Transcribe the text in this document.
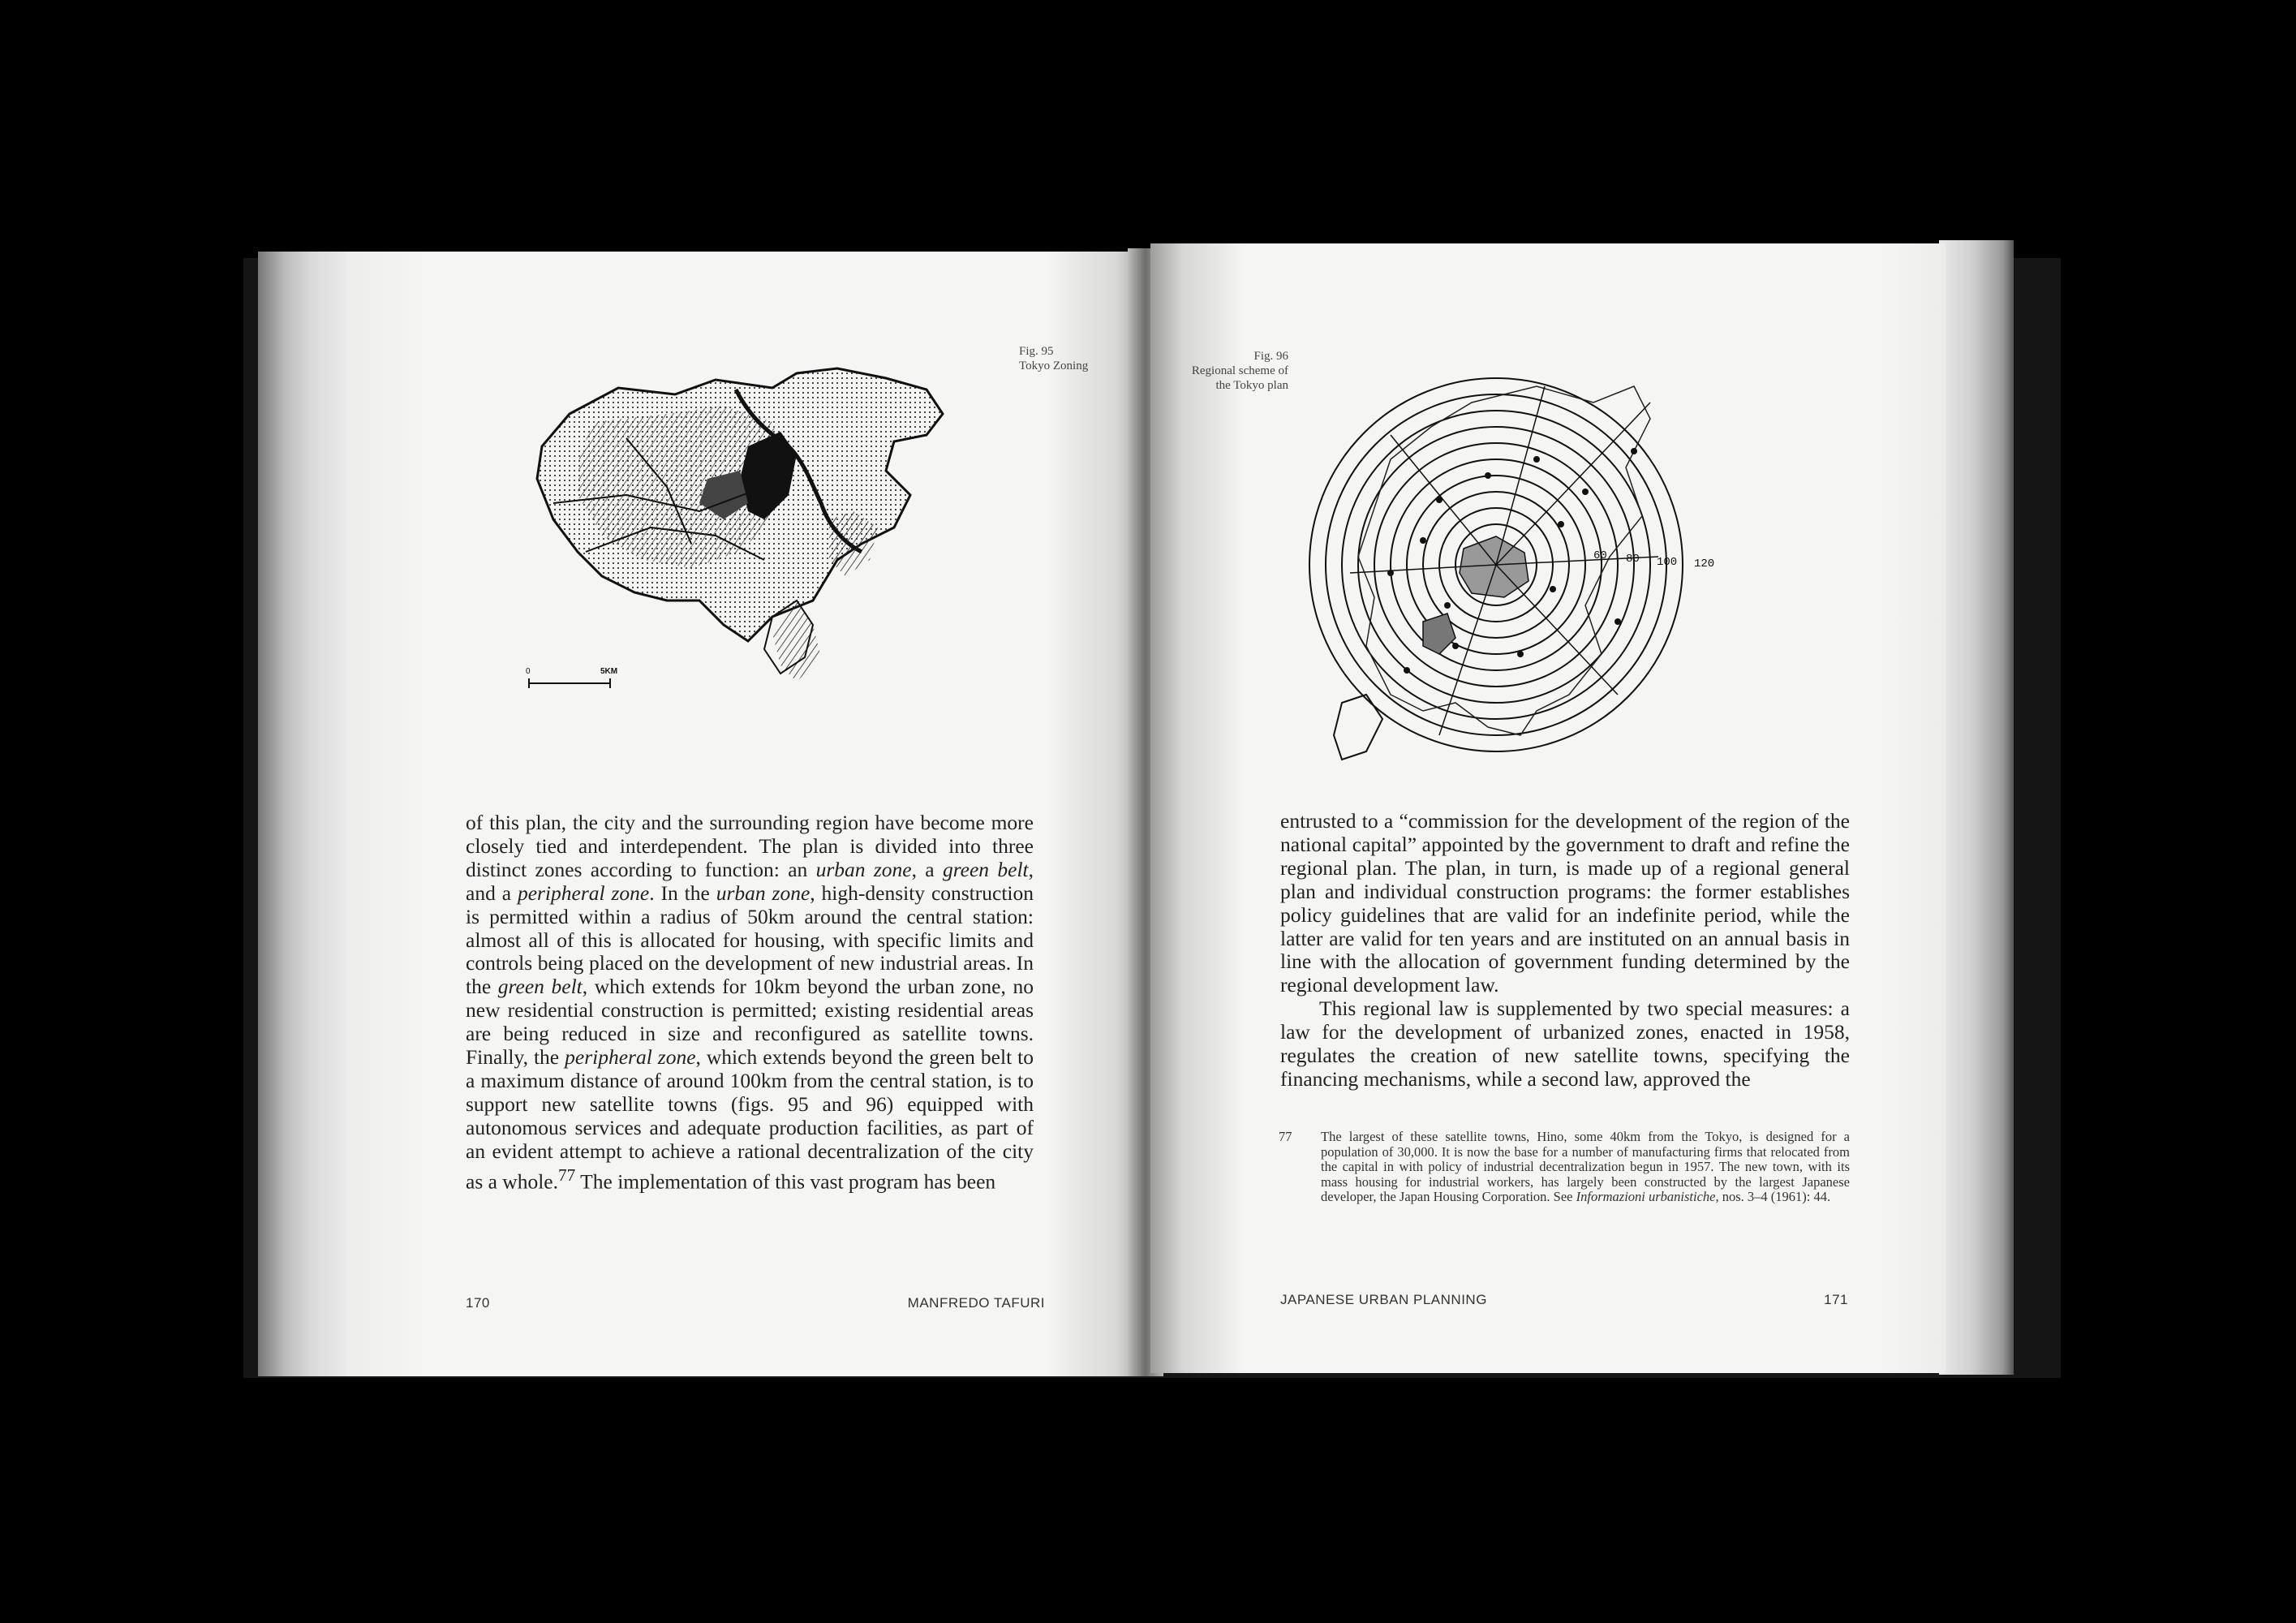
Fig. 95
Tokyo Zoning
0	5KM

of this plan, the city and the surrounding region have become more closely tied and interdependent. The plan is divided into three distinct zones according to function: an urban zone, a green belt, and a peripheral zone. In the urban zone, high-density construction is permitted within a radius of 50km around the central station: almost all of this is allocated for housing, with specific limits and controls being placed on the development of new industrial areas. In the green belt, which extends for 10km beyond the urban zone, no new residential construction is permitted; existing residential areas are being reduced in size and reconfigured as satellite towns. Finally, the peripheral zone, which extends beyond the green belt to a maximum distance of around 100km from the central station, is to support new satellite towns (figs. 95 and 96) equipped with autonomous services and adequate production facilities, as part of an evident attempt to achieve a rational decentralization of the city as a whole.$^{77}$ The implementation of this vast program has been

170	MANFREDO TAFURI
Fig. 96
Regional scheme of the Tokyo plan
60 80 100 120

entrusted to a “commission for the development of the region of the national capital” appointed by the government to draft and refine the regional plan. The plan, in turn, is made up of a regional general plan and individual construction programs: the former establishes policy guidelines that are valid for an indefinite period, while the latter are valid for ten years and are instituted on an annual basis in line with the allocation of government funding determined by the regional development law.

This regional law is supplemented by two special measures: a law for the development of urbanized zones, enacted in 1958, regulates the creation of new satellite towns, specifying the financing mechanisms, while a second law, approved the

77 The largest of these satellite towns, Hino, some 40km from the Tokyo, is designed for a population of 30,000. It is now the base for a number of manufacturing firms that relocated from the capital in with policy of industrial decentralization begun in 1957. The new town, with its mass housing for industrial workers, has largely been constructed by the largest Japanese developer, the Japan Housing Corporation. See Informazioni urbanistiche, nos. 3–4 (1961): 44.
JAPANESE URBAN PLANNING	171
